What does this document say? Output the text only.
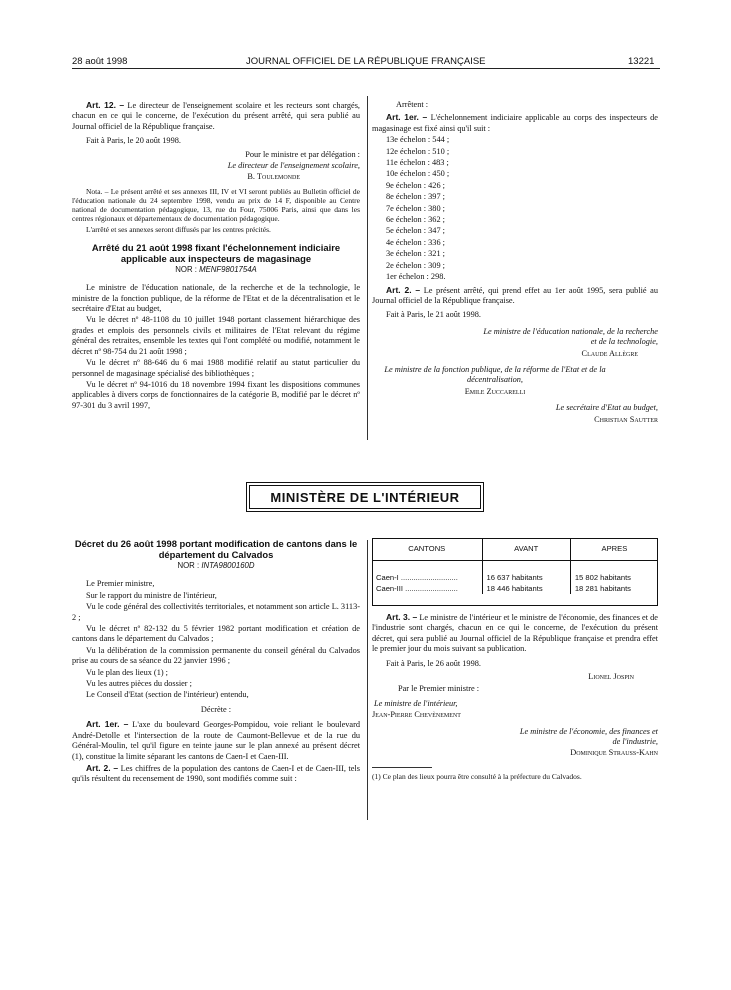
28 août 1998	JOURNAL OFFICIEL DE LA RÉPUBLIQUE FRANÇAISE	13221

Art. 12. – Le directeur de l'enseignement scolaire et les recteurs sont chargés, chacun en ce qui le concerne, de l'exécution du présent arrêté, qui sera publié au Journal officiel de la République française.

Fait à Paris, le 20 août 1998.

Pour le ministre et par délégation :

Le directeur de l'enseignement scolaire,

B. Toulemonde

Nota. – Le présent arrêté et ses annexes III, IV et VI seront publiés au Bulletin officiel de l'éducation nationale du 24 septembre 1998, vendu au prix de 14 F, disponible au Centre national de documentation pédagogique, 13, rue du Four, 75006 Paris, ainsi que dans les centres régionaux et départementaux de documentation pédagogique.

L'arrêté et ses annexes seront diffusés par les centres précités.

Arrêté du 21 août 1998 fixant l'échelonnement indiciaire applicable aux inspecteurs de magasinage
NOR : MENF9801754A

Le ministre de l'éducation nationale, de la recherche et de la technologie, le ministre de la fonction publique, de la réforme de l'Etat et de la décentralisation et le secrétaire d'Etat au budget,

Vu le décret nº 48-1108 du 10 juillet 1948 portant classement hiérarchique des grades et emplois des personnels civils et militaires de l'Etat relevant du régime général des retraites, ensemble les textes qui l'ont complété ou modifié, notamment le décret nº 98-754 du 21 août 1998 ;

Vu le décret nº 88-646 du 6 mai 1988 modifié relatif au statut particulier du personnel de magasinage spécialisé des bibliothèques ;

Vu le décret nº 94-1016 du 18 novembre 1994 fixant les dispositions communes applicables à divers corps de fonctionnaires de la catégorie B, modifié par le décret nº 97-301 du 3 avril 1997,

Arrêtent :

Art. 1er. – L'échelonnement indiciaire applicable au corps des inspecteurs de magasinage est fixé ainsi qu'il suit :

13e échelon : 544 ;

12e échelon : 510 ;

11e échelon : 483 ;

10e échelon : 450 ;

9e échelon : 426 ;

8e échelon : 397 ;

7e échelon : 380 ;

6e échelon : 362 ;

5e échelon : 347 ;

4e échelon : 336 ;

3e échelon : 321 ;

2e échelon : 309 ;

1er échelon : 298.

Art. 2. – Le présent arrêté, qui prend effet au 1er août 1995, sera publié au Journal officiel de la République française.

Fait à Paris, le 21 août 1998.

Le ministre de l'éducation nationale, de la recherche et de la technologie,

Claude Allègre

Le ministre de la fonction publique, de la réforme de l'Etat et de la décentralisation,

Emile Zuccarelli

Le secrétaire d'Etat au budget,

Christian Sautter

MINISTÈRE DE L'INTÉRIEUR
Décret du 26 août 1998 portant modification de cantons dans le département du Calvados
NOR : INTA9800160D

Le Premier ministre,

Sur le rapport du ministre de l'intérieur,

Vu le code général des collectivités territoriales, et notamment son article L. 3113-2 ;

Vu le décret nº 82-132 du 5 février 1982 portant modification et création de cantons dans le département du Calvados ;

Vu la délibération de la commission permanente du conseil général du Calvados prise au cours de sa séance du 22 janvier 1996 ;

Vu le plan des lieux (1) ;

Vu les autres pièces du dossier ;

Le Conseil d'Etat (section de l'intérieur) entendu,

Décrète :

Art. 1er. – L'axe du boulevard Georges-Pompidou, voie reliant le boulevard André-Detolle et l'intersection de la route de Caumont-Bellevue et de la rue du Général-Moulin, tel qu'il figure en teinte jaune sur le plan annexé au présent décret (1), constitue la limite séparant les cantons de Caen-I et Caen-III.

Art. 2. – Les chiffres de la population des cantons de Caen-I et de Caen-III, tels qu'ils résultent du recensement de 1990, sont modifiés comme suit :

CANTONS	AVANT	APRES

Caen-I ...........................	16 637 habitants	15 802 habitants
Caen-III .........................	18 446 habitants	18 281 habitants

Art. 3. – Le ministre de l'intérieur et le ministre de l'économie, des finances et de l'industrie sont chargés, chacun en ce qui le concerne, de l'exécution du présent décret, qui sera publié au Journal officiel de la République française et prendra effet le premier jour du mois suivant sa publication.

Fait à Paris, le 26 août 1998.

Lionel Jospin

Par le Premier ministre :

Le ministre de l'intérieur,

Jean-Pierre Chevènement

Le ministre de l'économie, des finances et de l'industrie,

Dominique Strauss-Kahn

(1) Ce plan des lieux pourra être consulté à la préfecture du Calvados.
